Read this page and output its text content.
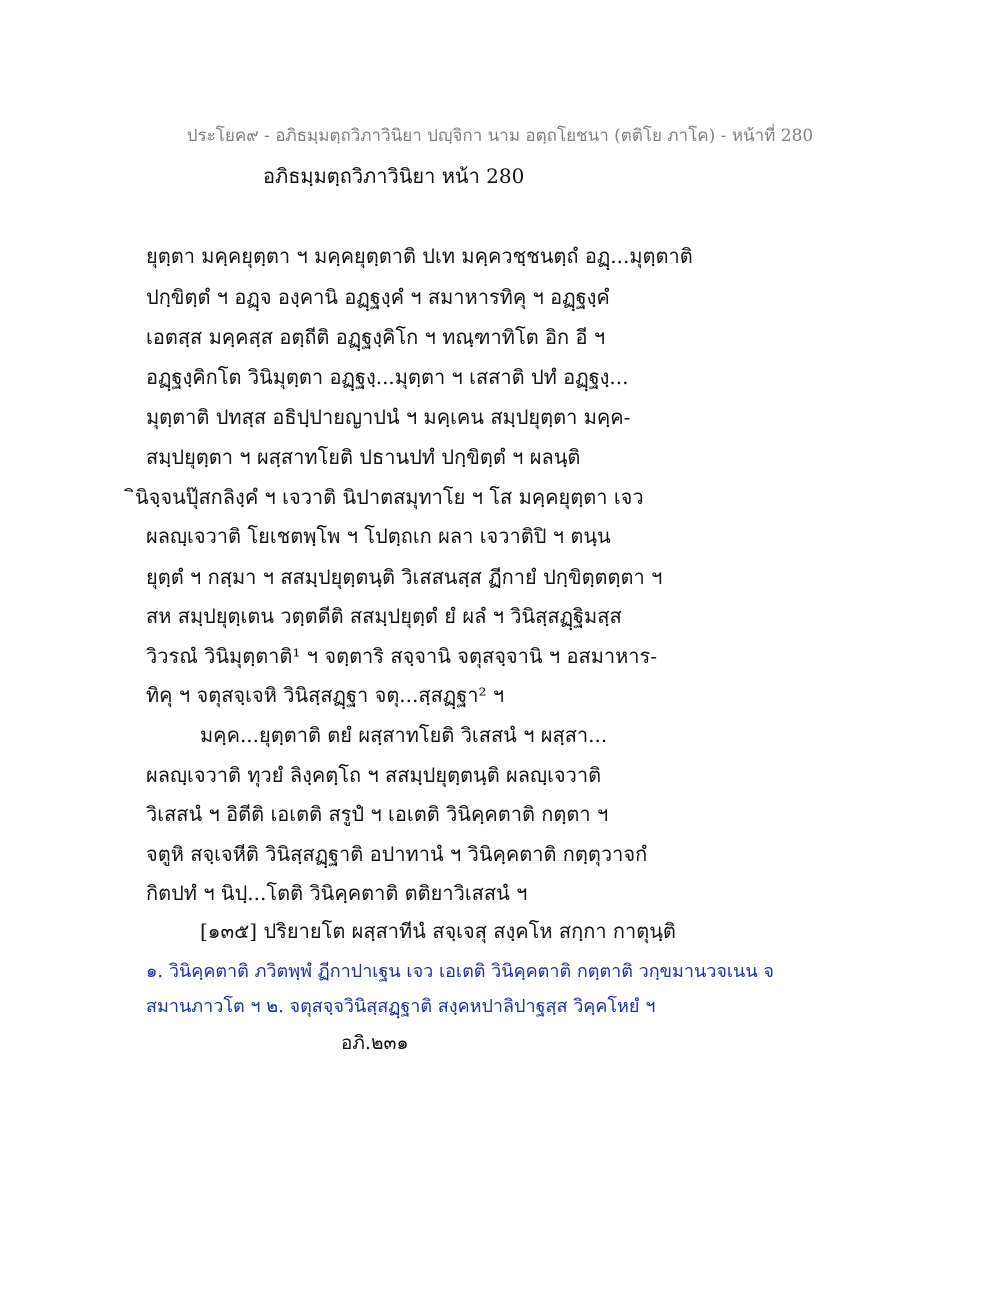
ประโยค๙ - อภิธมฺมตฺถวิภาวินิยา ปญฺจิกา นาม อตฺถโยชนา (ตติโย ภาโค) - หน้าที่ 280
อภิธมฺมตฺถวิภาวินิยา หน้า 280
ยุตฺตา มคฺคยุตฺตา ฯ มคฺคยุตฺตาติ ปเท มคฺควชฺชนตฺถํ อฏฺ...มุตฺตาติ
ปกฺขิตฺตํ ฯ อฏฺจ องฺคานิ อฏฺฐงฺคํ ฯ สมาหารทิคุ ฯ อฏฺฐงฺคํ
เอตสฺส มคฺคสฺส อตฺถีติ อฏฺฐงฺคิโก ฯ ทณฺฑาทิโต อิก อี ฯ
อฏฺฐงฺคิกโต วินิมุตฺตา อฏฺฐงฺ...มุตฺตา ฯ เสสาติ ปทํ อฏฺฐงฺ...
มุตฺตาติ ปทสฺส อธิปฺปายญาปนํ ฯ มคฺเคน สมฺปยุตฺตา มคฺค-
สมฺปยุตฺตา ฯ ผสฺสาทโยติ ปธานปทํ ปกฺขิตฺตํ ฯ ผลนฺติ
ินิจฺจนปุ๊สกลิงฺคํ ฯ เจวาติ นิปาตสมุทาโย ฯ โส มคฺคยุตฺตา เจว
ผลญฺเจวาติ โยเชตพฺโพ ฯ โปตฺถเก ผลา เจวาติปิ ฯ ตนฺน
ยุตฺตํ ฯ กสฺมา ฯ สสมฺปยุตฺตนฺติ วิเสสนสฺส ฏีกายํ ปกฺขิตฺตตฺตา ฯ
สห สมฺปยุตฺเตน วตฺตตีติ สสมฺปยุตฺตํ ยํ ผลํ ฯ วินิสฺสฏฺฐิมสฺส
วิวรณํ วินิมุตฺตาติ¹ ฯ จตฺตาริ สจฺจานิ จตุสจฺจานิ ฯ อสมาหาร-
ทิคุ ฯ จตุสจฺเจหิ วินิสฺสฏฺฐา จตุ...สฺสฏฺฐา² ฯ
มคฺค...ยุตฺตาติ ตยํ ผสฺสาทโยติ วิเสสนํ ฯ ผสฺสา...
ผลญฺเจวาติ ทุวยํ ลิงฺคตฺโถ ฯ สสมฺปยุตฺตนฺติ ผลญฺเจวาติ
วิเสสนํ ฯ อิตีติ เอเตติ สรูปํ ฯ เอเตติ วินิคฺคตาติ กตฺตา ฯ
จตูหิ สจฺเจหีติ วินิสฺสฏฺฐาติ อปาทานํ ฯ วินิคฺคตาติ กตฺตุวาจกํ
กิตปทํ ฯ นิปฺ...โตติ วินิคฺคตาติ ตติยาวิเสสนํ ฯ
[๑๓๕] ปริยายโต ผสฺสาทีนํ สจฺเจสุ สงฺคโห สกฺกา กาตุนฺติ
๑. วินิคฺคตาติ ภวิตพฺพํ ฏีกาปาเฐน เจว เอเตติ วินิคฺคตาติ กตฺตาติ วกฺขมานวจเนน จ
สมานภาวโต ฯ ๒. จตุสจฺจวินิสฺสฏฺฐาติ สงฺคหปาลิปาฐสฺส วิคฺคโหยํ ฯ
อภิ.๒๓๑
